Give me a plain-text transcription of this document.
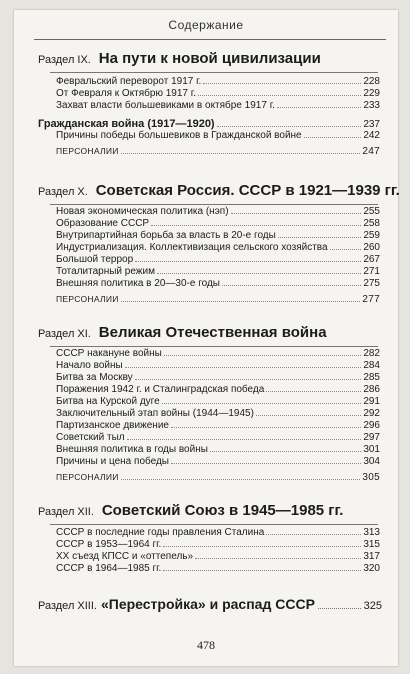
Содержание
Раздел IX. На пути к новой цивилизации
Февральский переворот 1917 г.	228
От Февраля к Октябрю 1917 г.	229
Захват власти большевиками в октябре 1917 г.	233
Гражданская война (1917—1920)	237
Причины победы большевиков в Гражданской войне	242
ПЕРСОНАЛИИ	247
Раздел X. Советская Россия. СССР в 1921—1939 гг.
Новая экономическая политика (нэп)	255
Образование СССР	258
Внутрипартийная борьба за власть в 20-е годы	259
Индустриализация. Коллективизация сельского хозяйства	260
Большой террор	267
Тоталитарный режим	271
Внешняя политика в 20—30-е годы	275
ПЕРСОНАЛИИ	277
Раздел XI. Великая Отечественная война
СССР накануне войны	282
Начало войны	284
Битва за Москву	285
Поражения 1942 г. и Сталинградская победа	286
Битва на Курской дуге	291
Заключительный этап войны (1944—1945)	292
Партизанское движение	296
Советский тыл	297
Внешняя политика в годы войны	301
Причины и цена победы	304
ПЕРСОНАЛИИ	305
Раздел XII. Советский Союз в 1945—1985 гг.
СССР в последние годы правления Сталина	313
СССР в 1953—1964 гг.	315
XX съезд КПСС и «оттепель»	317
СССР в 1964—1985 гг.	320
Раздел XIII. «Перестройка» и распад СССР	325
478
